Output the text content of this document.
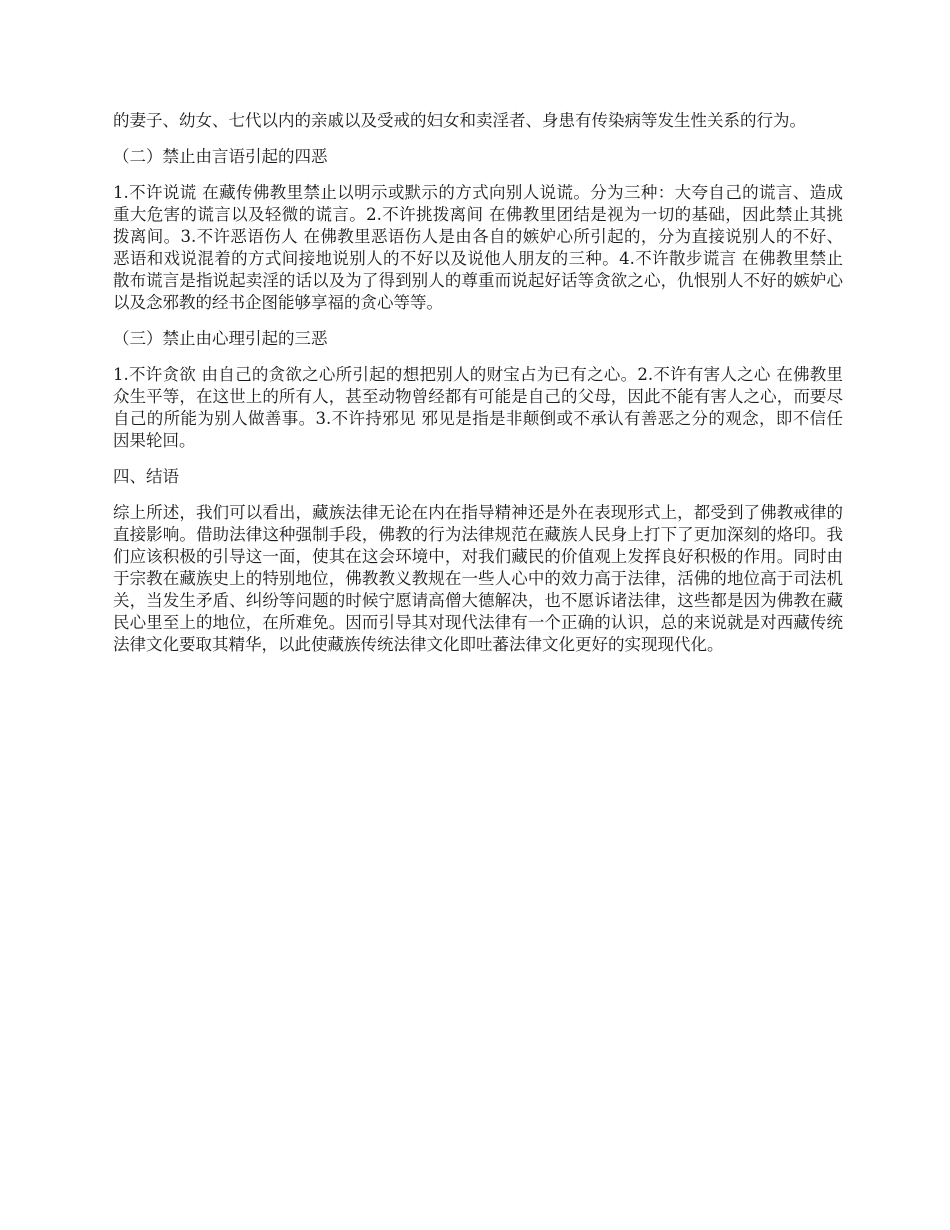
的妻子、幼女、七代以内的亲戚以及受戒的妇女和卖淫者、身患有传染病等发生性关系的行为。

（二）禁止由言语引起的四恶

1.不许说谎 在藏传佛教里禁止以明示或默示的方式向别人说谎。分为三种：大夸自己的谎言、造成重大危害的谎言以及轻微的谎言。2.不许挑拨离间 在佛教里团结是视为一切的基础，因此禁止其挑拨离间。3.不许恶语伤人 在佛教里恶语伤人是由各自的嫉妒心所引起的，分为直接说别人的不好、恶语和戏说混着的方式间接地说别人的不好以及说他人朋友的三种。4.不许散步谎言 在佛教里禁止散布谎言是指说起卖淫的话以及为了得到别人的尊重而说起好话等贪欲之心，仇恨别人不好的嫉妒心以及念邪教的经书企图能够享福的贪心等等。

（三）禁止由心理引起的三恶

1.不许贪欲 由自己的贪欲之心所引起的想把别人的财宝占为已有之心。2.不许有害人之心 在佛教里众生平等，在这世上的所有人，甚至动物曾经都有可能是自己的父母，因此不能有害人之心，而要尽自己的所能为别人做善事。3.不许持邪见 邪见是指是非颠倒或不承认有善恶之分的观念，即不信任因果轮回。

四、结语

综上所述，我们可以看出，藏族法律无论在内在指导精神还是外在表现形式上，都受到了佛教戒律的直接影响。借助法律这种强制手段，佛教的行为法律规范在藏族人民身上打下了更加深刻的烙印。我们应该积极的引导这一面，使其在这会环境中，对我们藏民的价值观上发挥良好积极的作用。同时由于宗教在藏族史上的特别地位，佛教教义教规在一些人心中的效力高于法律，活佛的地位高于司法机关，当发生矛盾、纠纷等问题的时候宁愿请高僧大德解决，也不愿诉诸法律，这些都是因为佛教在藏民心里至上的地位，在所难免。因而引导其对现代法律有一个正确的认识，总的来说就是对西藏传统法律文化要取其精华，以此使藏族传统法律文化即吐蕃法律文化更好的实现现代化。
